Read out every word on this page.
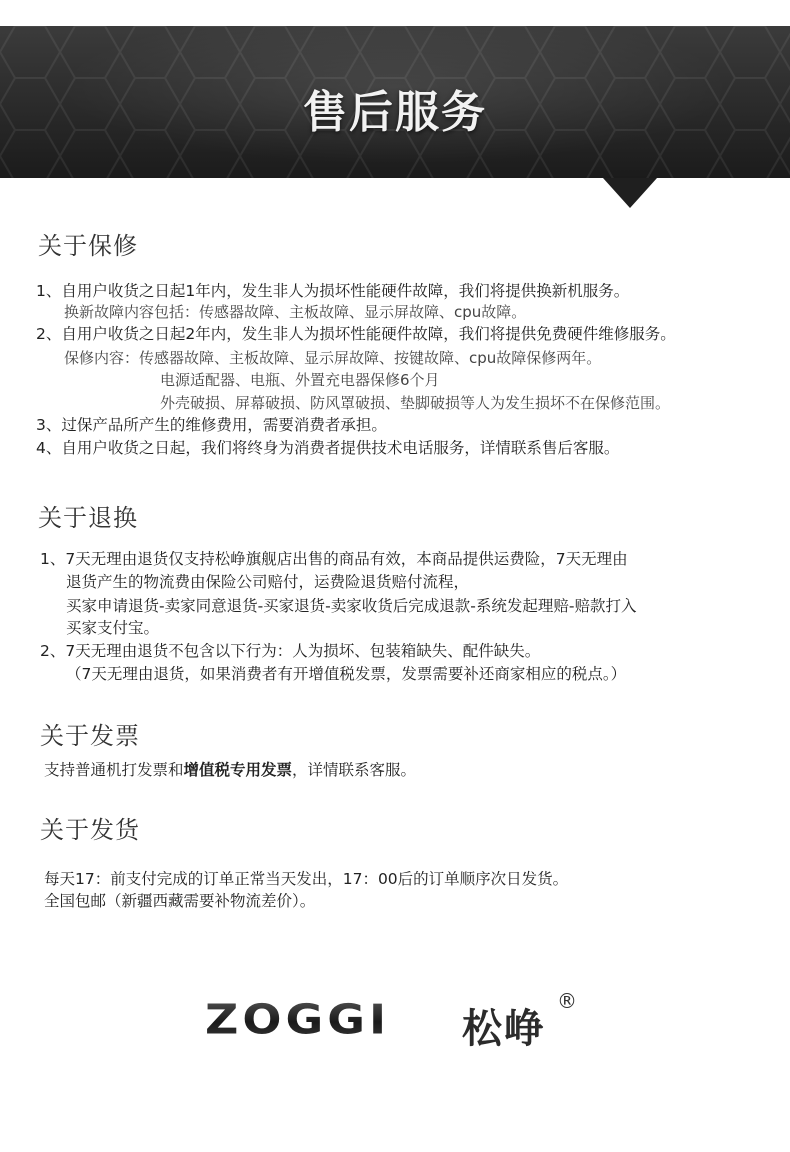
售后服务
关于保修
1、自用户收货之日起1年内，发生非人为损坏性能硬件故障，我们将提供换新机服务。
换新故障内容包括：传感器故障、主板故障、显示屏故障、cpu故障。
2、自用户收货之日起2年内，发生非人为损坏性能硬件故障，我们将提供免费硬件维修服务。
保修内容：传感器故障、主板故障、显示屏故障、按键故障、cpu故障保修两年。
电源适配器、电瓶、外置充电器保修6个月
外壳破损、屏幕破损、防风罩破损、垫脚破损等人为发生损坏不在保修范围。
3、过保产品所产生的维修费用，需要消费者承担。
4、自用户收货之日起，我们将终身为消费者提供技术电话服务，详情联系售后客服。
关于退换
1、7天无理由退货仅支持松峥旗舰店出售的商品有效，本商品提供运费险，7天无理由
退货产生的物流费由保险公司赔付，运费险退货赔付流程，
买家申请退货-卖家同意退货-买家退货-卖家收货后完成退款-系统发起理赔-赔款打入
买家支付宝。
2、7天无理由退货不包含以下行为：人为损坏、包装箱缺失、配件缺失。
（7天无理由退货，如果消费者有开增值税发票，发票需要补还商家相应的税点。）
关于发票
支持普通机打发票和增值税专用发票，详情联系客服。
关于发货
每天17：前支付完成的订单正常当天发出，17：00后的订单顺序次日发货。
全国包邮（新疆西藏需要补物流差价）。
ZOGGI 松峥
®
